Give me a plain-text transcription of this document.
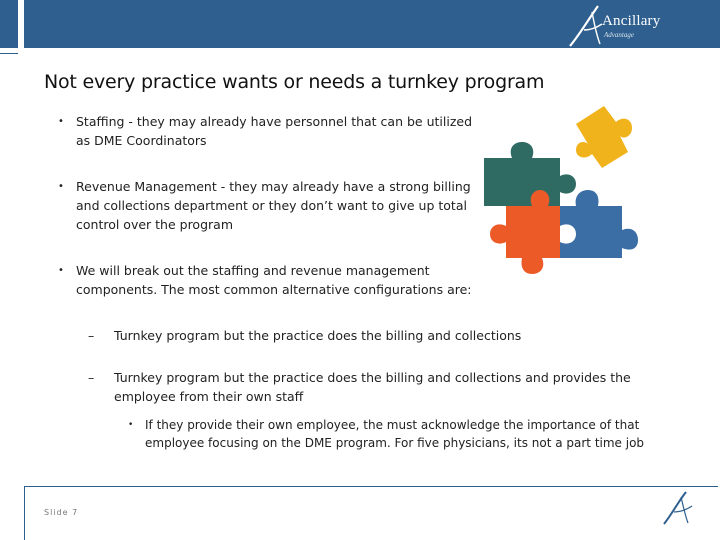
Ancillary
Advantage
Not every practice wants or needs a turnkey program
• Staffing - they may already have personnel that can be utilized as DME Coordinators
• Revenue Management - they may already have a strong billing and collections department or they don’t want to give up total control over the program
• We will break out the staffing and revenue management components. The most common alternative configurations are:
– Turnkey program but the practice does the billing and collections
– Turnkey program but the practice does the billing and collections and provides the employee from their own staff
• If they provide their own employee, the must acknowledge the importance of that employee focusing on the DME program. For five physicians, its not a part time job
Slide 7
